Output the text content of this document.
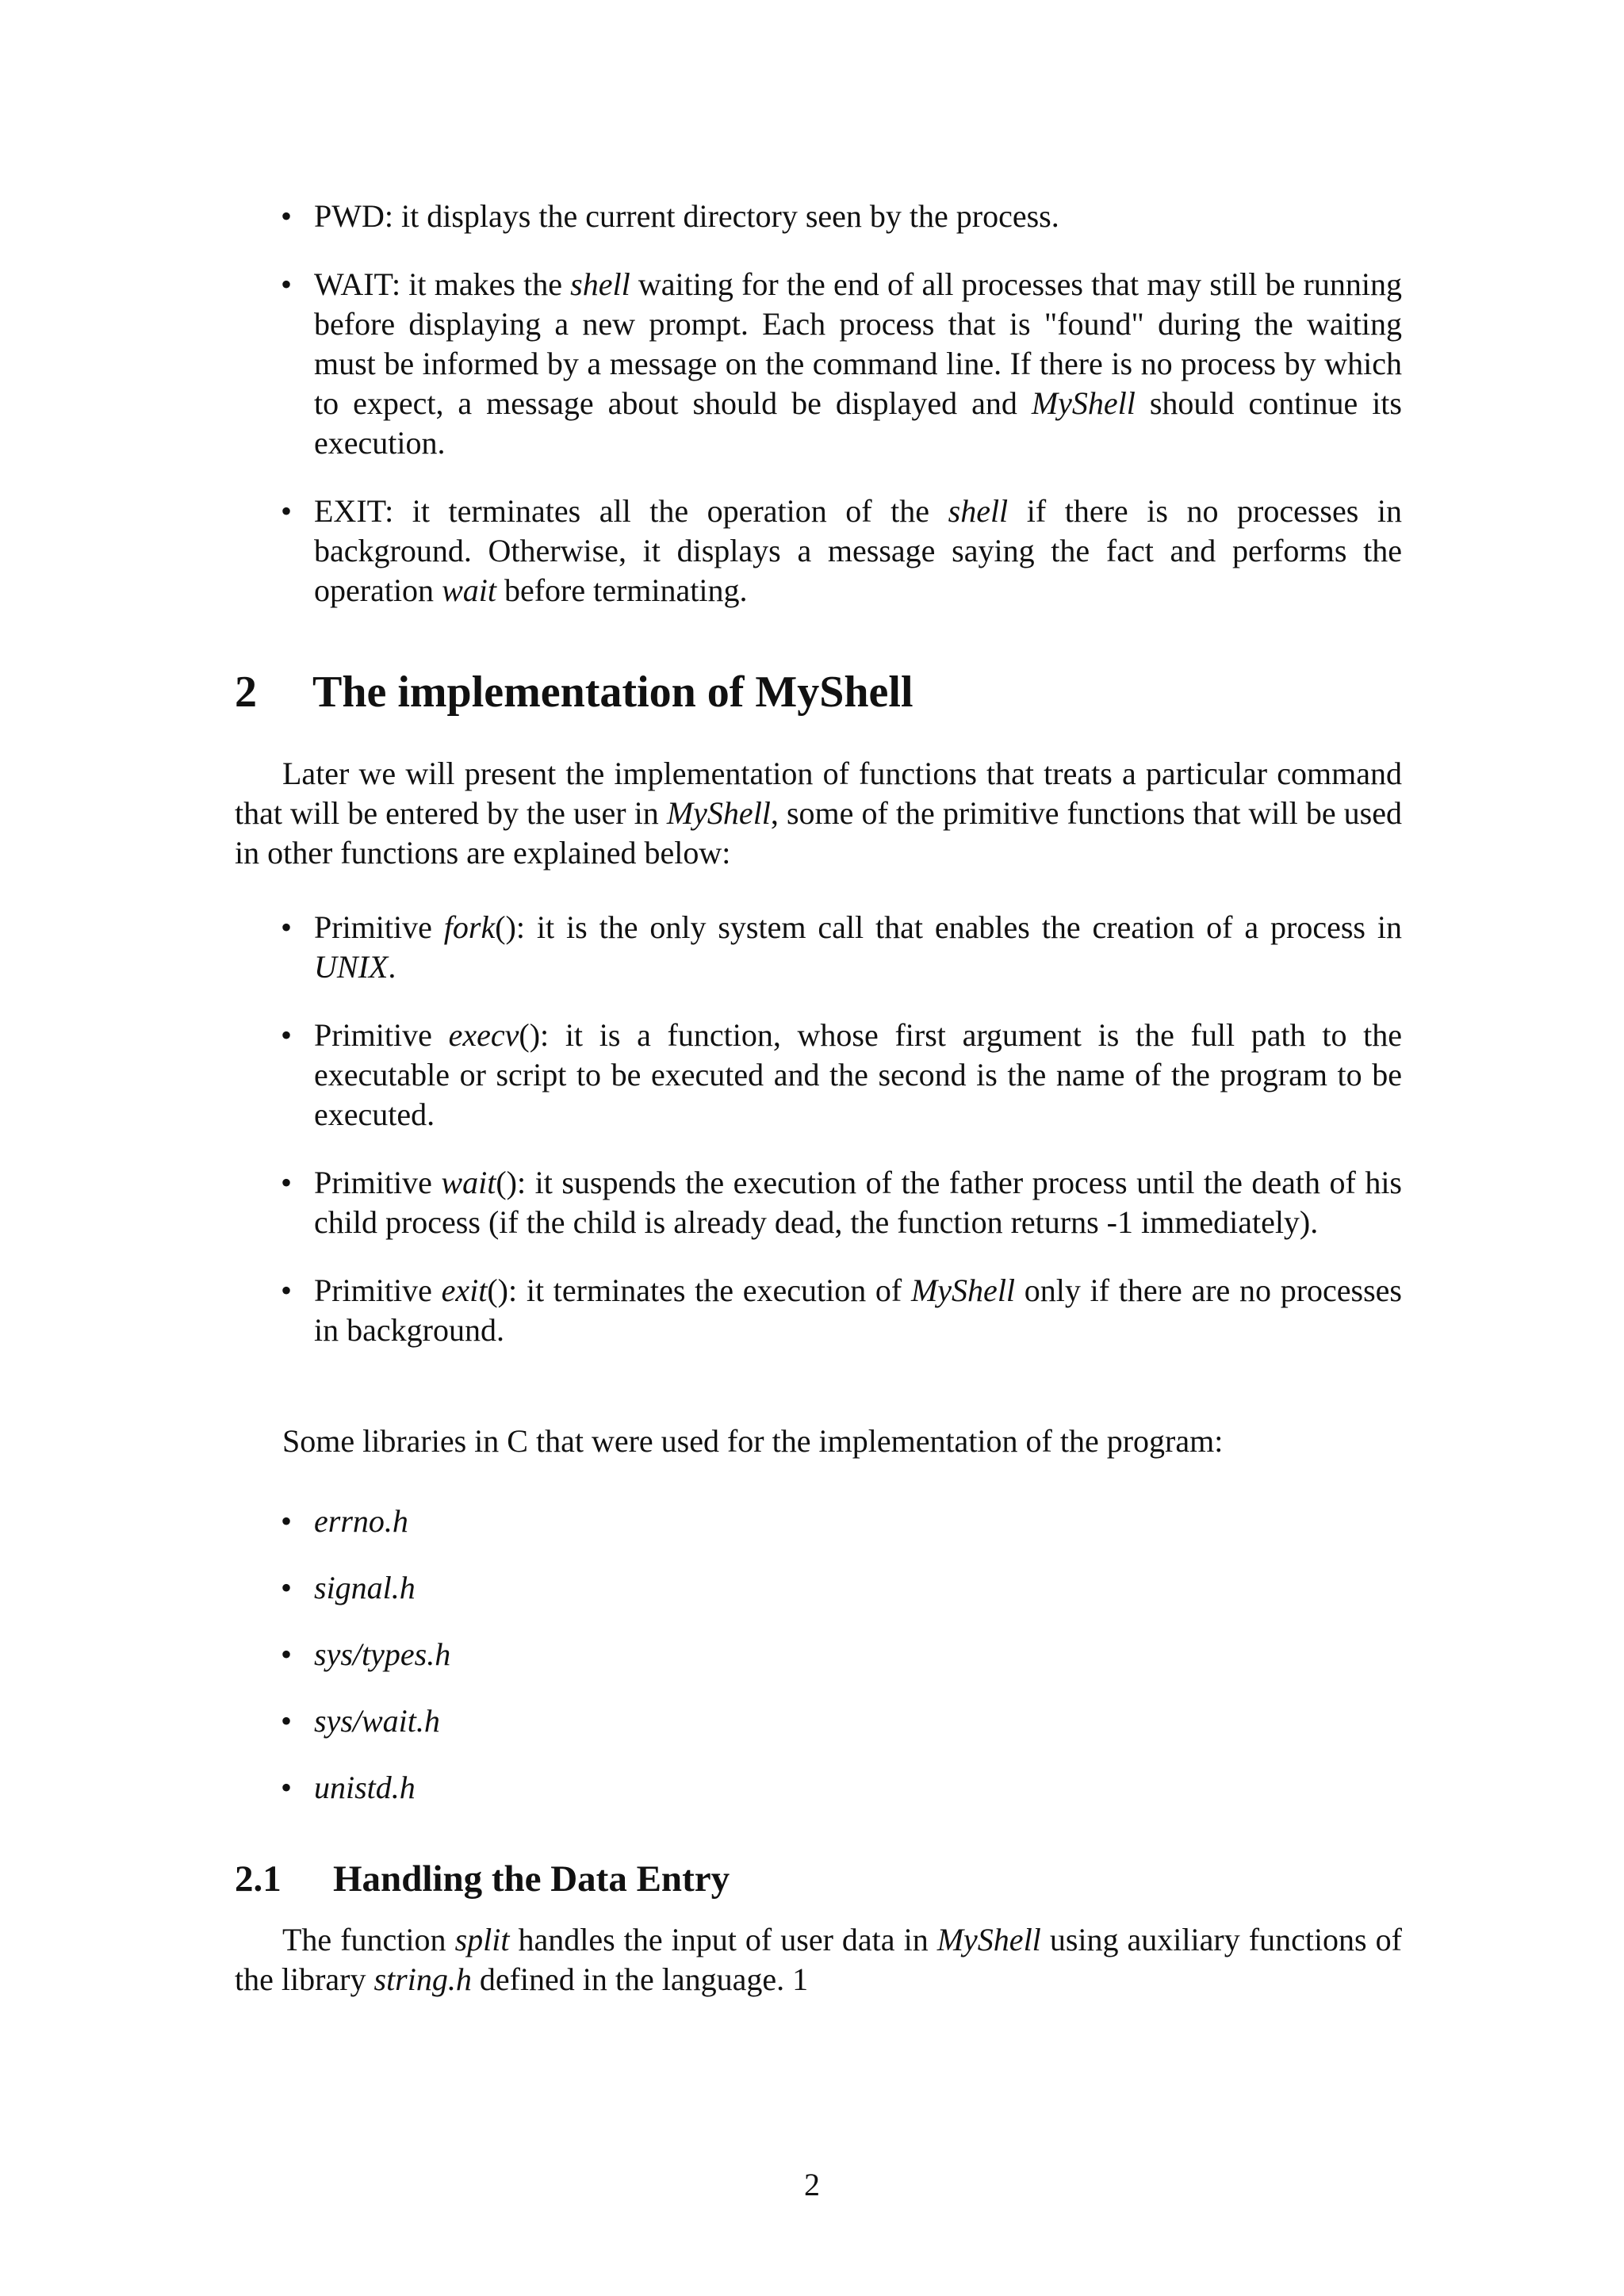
• PWD: it displays the current directory seen by the process.
• WAIT: it makes the shell waiting for the end of all processes that may still be running before displaying a new prompt. Each process that is "found" during the waiting must be informed by a message on the command line. If there is no process by which to expect, a message about should be displayed and MyShell should continue its execution.
• EXIT: it terminates all the operation of the shell if there is no processes in background. Otherwise, it displays a message saying the fact and performs the operation wait before terminating.
2 The implementation of MyShell

Later we will present the implementation of functions that treats a particular command that will be entered by the user in MyShell, some of the primitive functions that will be used in other functions are explained below:

• Primitive fork(): it is the only system call that enables the creation of a process in UNIX.
• Primitive execv(): it is a function, whose first argument is the full path to the executable or script to be executed and the second is the name of the program to be executed.
• Primitive wait(): it suspends the execution of the father process until the death of his child process (if the child is already dead, the function returns -1 immediately).
• Primitive exit(): it terminates the execution of MyShell only if there are no processes in background.

Some libraries in C that were used for the implementation of the program:

• errno.h
• signal.h
• sys/types.h
• sys/wait.h
• unistd.h
2.1 Handling the Data Entry

The function split handles the input of user data in MyShell using auxiliary functions of the library string.h defined in the language. 1

2
